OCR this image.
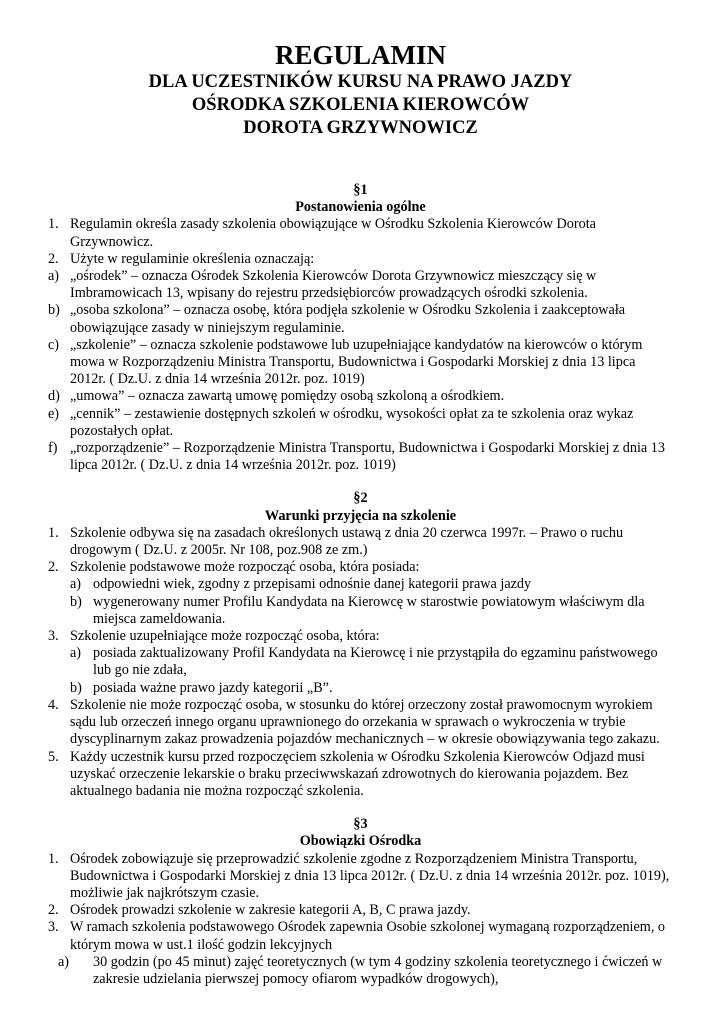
REGULAMIN

DLA UCZESTNIKÓW KURSU NA PRAWO JAZDY

OŚRODKA SZKOLENIA KIEROWCÓW

DOROTA GRZYWNOWICZ

§1

Postanowienia ogólne

1. Regulamin określa zasady szkolenia obowiązujące w Ośrodku Szkolenia Kierowców Dorota Grzywnowicz.
2. Użyte w regulaminie określenia oznaczają:
a) „ośrodek” – oznacza Ośrodek Szkolenia Kierowców Dorota Grzywnowicz mieszczący się w Imbramowicach 13, wpisany do rejestru przedsiębiorców prowadzących ośrodki szkolenia.
b) „osoba szkolona” – oznacza osobę, która podjęła szkolenie w Ośrodku Szkolenia i zaakceptowała obowiązujące zasady w niniejszym regulaminie.
c) „szkolenie” – oznacza szkolenie podstawowe lub uzupełniające kandydatów na kierowców o którym mowa w Rozporządzeniu Ministra Transportu, Budownictwa i Gospodarki Morskiej z dnia 13 lipca 2012r. ( Dz.U. z dnia 14 września 2012r. poz. 1019)
d) „umowa” – oznacza zawartą umowę pomiędzy osobą szkoloną a ośrodkiem.
e) „cennik” – zestawienie dostępnych szkoleń w ośrodku, wysokości opłat za te szkolenia oraz wykaz pozostałych opłat.
f) „rozporządzenie” – Rozporządzenie Ministra Transportu, Budownictwa i Gospodarki Morskiej z dnia 13 lipca 2012r. ( Dz.U. z dnia 14 września 2012r. poz. 1019)

§2

Warunki przyjęcia na szkolenie

1. Szkolenie odbywa się na zasadach określonych ustawą z dnia 20 czerwca 1997r. – Prawo o ruchu drogowym ( Dz.U. z 2005r. Nr 108, poz.908 ze zm.)
2. Szkolenie podstawowe może rozpocząć osoba, która posiada:
a) odpowiedni wiek, zgodny z przepisami odnośnie danej kategorii prawa jazdy
b) wygenerowany numer Profilu Kandydata na Kierowcę w starostwie powiatowym właściwym dla miejsca zameldowania.
3. Szkolenie uzupełniające może rozpocząć osoba, która:
a) posiada zaktualizowany Profil Kandydata na Kierowcę i nie przystąpiła do egzaminu państwowego lub go nie zdała,
b) posiada ważne prawo jazdy kategorii „B”.
4. Szkolenie nie może rozpocząć osoba, w stosunku do której orzeczony został prawomocnym wyrokiem sądu lub orzeczeń innego organu uprawnionego do orzekania w sprawach o wykroczenia w trybie dyscyplinarnym zakaz prowadzenia pojazdów mechanicznych – w okresie obowiązywania tego zakazu.
5. Każdy uczestnik kursu przed rozpoczęciem szkolenia w Ośrodku Szkolenia Kierowców Odjazd musi uzyskać orzeczenie lekarskie o braku przeciwwskazań zdrowotnych do kierowania pojazdem. Bez aktualnego badania nie można rozpocząć szkolenia.

§3

Obowiązki Ośrodka

1. Ośrodek zobowiązuje się przeprowadzić szkolenie zgodne z Rozporządzeniem Ministra Transportu, Budownictwa i Gospodarki Morskiej z dnia 13 lipca 2012r. ( Dz.U. z dnia 14 września 2012r. poz. 1019), możliwie jak najkrótszym czasie.
2. Ośrodek prowadzi szkolenie w zakresie kategorii A, B, C prawa jazdy.
3. W ramach szkolenia podstawowego Ośrodek zapewnia Osobie szkolonej wymaganą rozporządzeniem, o którym mowa w ust.1 ilość godzin lekcyjnych
a)	30 godzin (po 45 minut) zajęć teoretycznych (w tym 4 godziny szkolenia teoretycznego i ćwiczeń w zakresie udzielania pierwszej pomocy ofiarom wypadków drogowych),
